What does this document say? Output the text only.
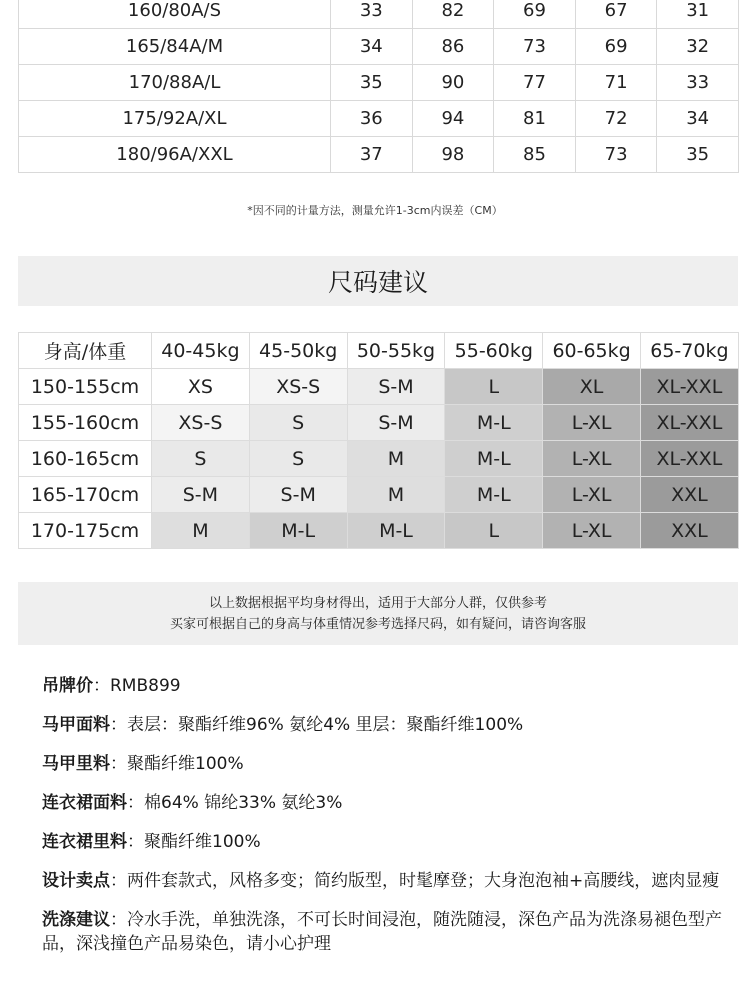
160/80A/S	33	82	69	67	31
165/84A/M	34	86	73	69	32
170/88A/L	35	90	77	71	33
175/92A/XL	36	94	81	72	34
180/96A/XXL	37	98	85	73	35
*因不同的计量方法，测量允许1-3cm内误差（CM）
尺码建议
身高/体重	40-45kg	45-50kg	50-55kg	55-60kg	60-65kg	65-70kg
150-155cm	XS	XS-S	S-M	L	XL	XL-XXL
155-160cm	XS-S	S	S-M	M-L	L-XL	XL-XXL
160-165cm	S	S	M	M-L	L-XL	XL-XXL
165-170cm	S-M	S-M	M	M-L	L-XL	XXL
170-175cm	M	M-L	M-L	L	L-XL	XXL
以上数据根据平均身材得出，适用于大部分人群，仅供参考
买家可根据自己的身高与体重情况参考选择尺码，如有疑问，请咨询客服
吊牌价：RMB899
马甲面料：表层：聚酯纤维96% 氨纶4% 里层：聚酯纤维100%
马甲里料：聚酯纤维100%
连衣裙面料：棉64% 锦纶33% 氨纶3%
连衣裙里料：聚酯纤维100%
设计卖点：两件套款式，风格多变；简约版型，时髦摩登；大身泡泡袖+高腰线，遮肉显瘦
洗涤建议：冷水手洗，单独洗涤，不可长时间浸泡，随洗随浸，深色产品为洗涤易褪色型产品，深浅撞色产品易染色，请小心护理
